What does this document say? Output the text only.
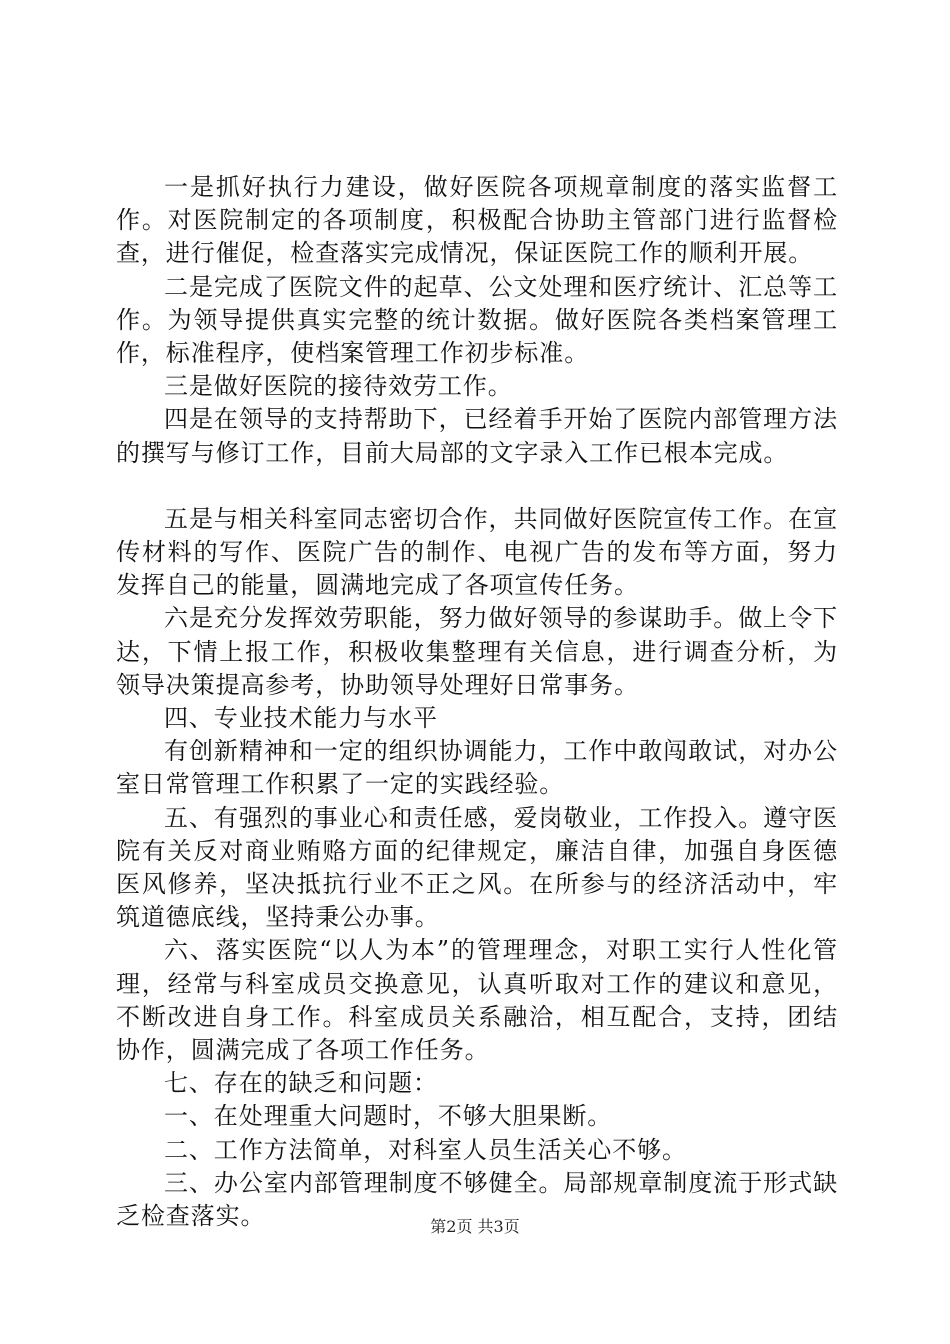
一是抓好执行力建设，做好医院各项规章制度的落实监督工作。对医院制定的各项制度，积极配合协助主管部门进行监督检查，进行催促，检查落实完成情况，保证医院工作的顺利开展。

二是完成了医院文件的起草、公文处理和医疗统计、汇总等工作。为领导提供真实完整的统计数据。做好医院各类档案管理工作，标准程序，使档案管理工作初步标准。

三是做好医院的接待效劳工作。

四是在领导的支持帮助下，已经着手开始了医院内部管理方法的撰写与修订工作，目前大局部的文字录入工作已根本完成。

五是与相关科室同志密切合作，共同做好医院宣传工作。在宣传材料的写作、医院广告的制作、电视广告的发布等方面，努力发挥自己的能量，圆满地完成了各项宣传任务。

六是充分发挥效劳职能，努力做好领导的参谋助手。做上令下达，下情上报工作，积极收集整理有关信息，进行调查分析，为领导决策提高参考，协助领导处理好日常事务。

四、专业技术能力与水平

有创新精神和一定的组织协调能力，工作中敢闯敢试，对办公室日常管理工作积累了一定的实践经验。

五、有强烈的事业心和责任感，爱岗敬业，工作投入。遵守医院有关反对商业贿赂方面的纪律规定，廉洁自律，加强自身医德医风修养，坚决抵抗行业不正之风。在所参与的经济活动中，牢筑道德底线，坚持秉公办事。

六、落实医院“以人为本”的管理理念，对职工实行人性化管理，经常与科室成员交换意见，认真听取对工作的建议和意见，不断改进自身工作。科室成员关系融洽，相互配合，支持，团结协作，圆满完成了各项工作任务。

七、存在的缺乏和问题：

一、在处理重大问题时，不够大胆果断。

二、工作方法简单，对科室人员生活关心不够。

三、办公室内部管理制度不够健全。局部规章制度流于形式缺乏检查落实。	第2页 共3页
